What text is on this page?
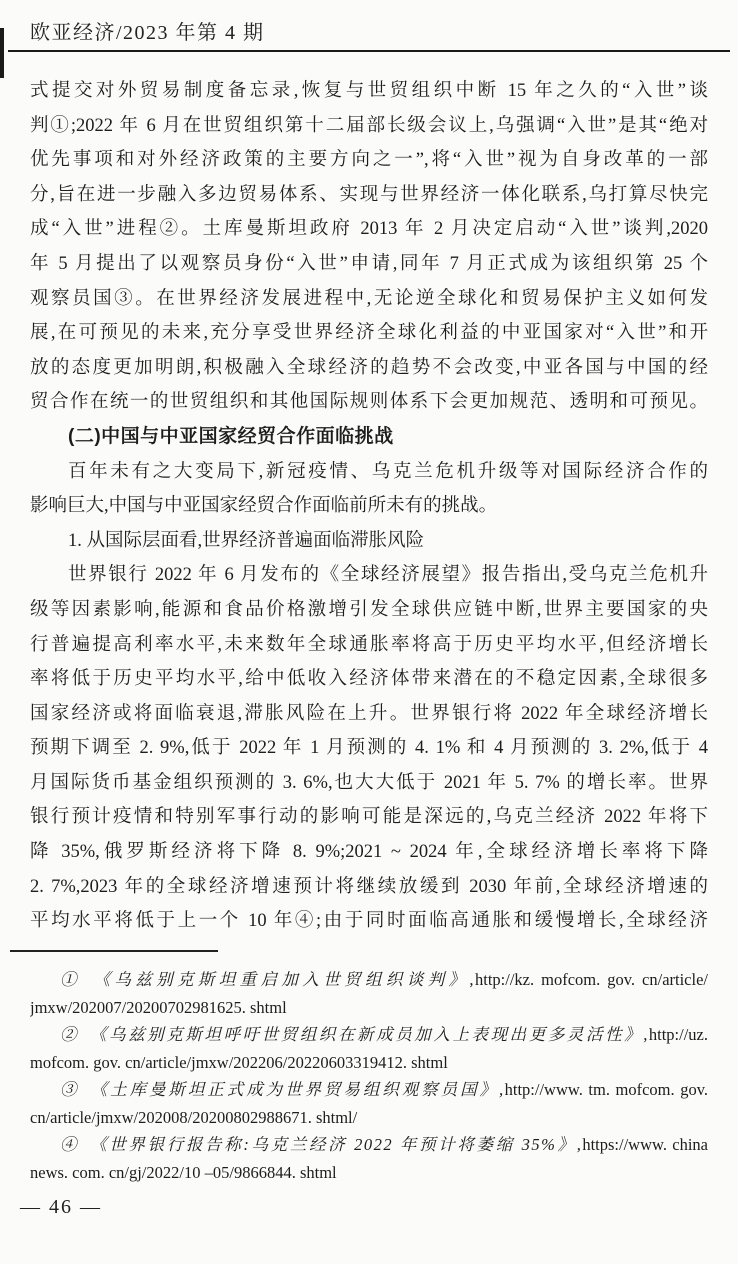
欧亚经济/2023 年第 4 期
式提交对外贸易制度备忘录,恢复与世贸组织中断 15 年之久的“入世”谈
判①;2022 年 6 月在世贸组织第十二届部长级会议上,乌强调“入世”是其“绝对
优先事项和对外经济政策的主要方向之一”,将“入世”视为自身改革的一部
分,旨在进一步融入多边贸易体系、实现与世界经济一体化联系,乌打算尽快完
成“入世”进程②。土库曼斯坦政府 2013 年 2 月决定启动“入世”谈判,2020
年 5 月提出了以观察员身份“入世”申请,同年 7 月正式成为该组织第 25 个
观察员国③。在世界经济发展进程中,无论逆全球化和贸易保护主义如何发
展,在可预见的未来,充分享受世界经济全球化利益的中亚国家对“入世”和开
放的态度更加明朗,积极融入全球经济的趋势不会改变,中亚各国与中国的经
贸合作在统一的世贸组织和其他国际规则体系下会更加规范、透明和可预见。
(二)中国与中亚国家经贸合作面临挑战
百年未有之大变局下,新冠疫情、乌克兰危机升级等对国际经济合作的
影响巨大,中国与中亚国家经贸合作面临前所未有的挑战。
1. 从国际层面看,世界经济普遍面临滞胀风险
世界银行 2022 年 6 月发布的《全球经济展望》报告指出,受乌克兰危机升
级等因素影响,能源和食品价格激增引发全球供应链中断,世界主要国家的央
行普遍提高利率水平,未来数年全球通胀率将高于历史平均水平,但经济增长
率将低于历史平均水平,给中低收入经济体带来潜在的不稳定因素,全球很多
国家经济或将面临衰退,滞胀风险在上升。世界银行将 2022 年全球经济增长
预期下调至 2. 9%,低于 2022 年 1 月预测的 4. 1% 和 4 月预测的 3. 2%,低于 4
月国际货币基金组织预测的 3. 6%,也大大低于 2021 年 5. 7% 的增长率。世界
银行预计疫情和特别军事行动的影响可能是深远的,乌克兰经济 2022 年将下
降 35%,俄罗斯经济将下降 8. 9%;2021 ~ 2024 年,全球经济增长率将下降
2. 7%,2023 年的全球经济增速预计将继续放缓到 2030 年前,全球经济增速的
平均水平将低于上一个 10 年④;由于同时面临高通胀和缓慢增长,全球经济
①　《乌兹别克斯坦重启加入世贸组织谈判》,http://kz. mofcom. gov. cn/article/
jmxw/202007/20200702981625. shtml
②　《乌兹别克斯坦呼吁世贸组织在新成员加入上表现出更多灵活性》,http://uz.
mofcom. gov. cn/article/jmxw/202206/20220603319412. shtml
③　《土库曼斯坦正式成为世界贸易组织观察员国》,http://www. tm. mofcom. gov.
cn/article/jmxw/202008/20200802988671. shtml/
④　《世界银行报告称:乌克兰经济 2022 年预计将萎缩 35%》,https://www. china
news. com. cn/gj/2022/10 –05/9866844. shtml
— 46 —
